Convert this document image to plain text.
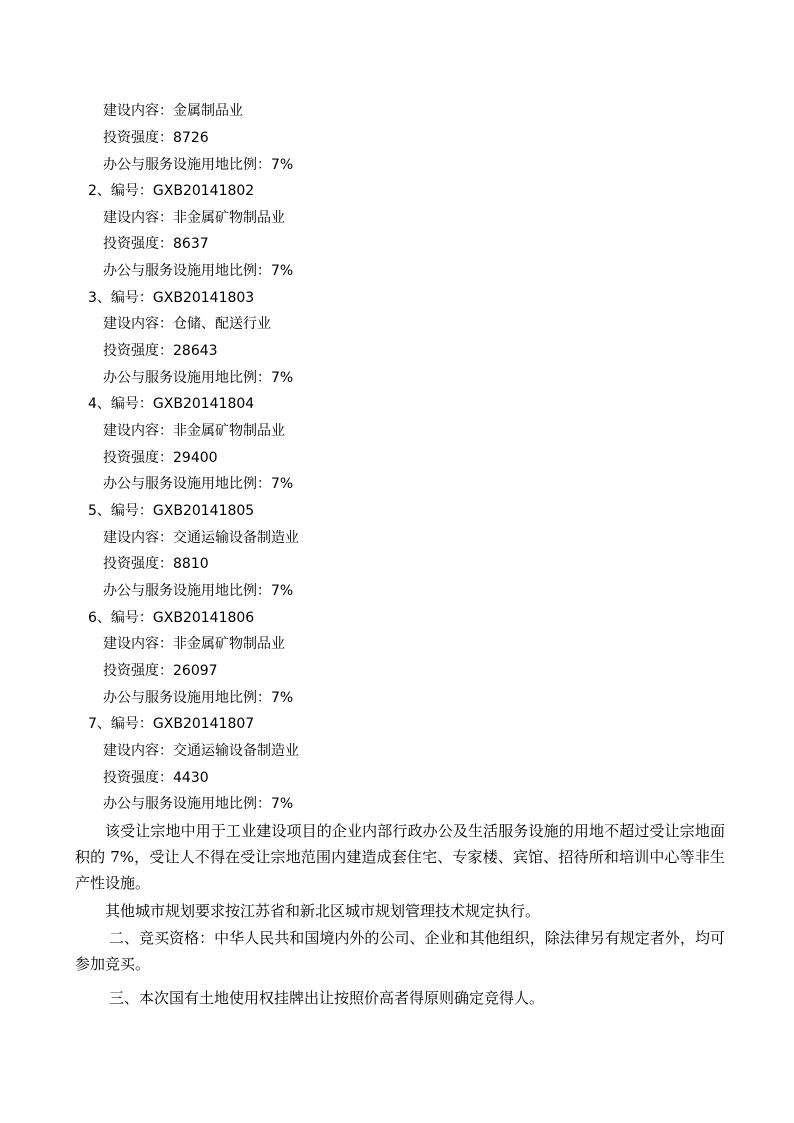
建设内容：金属制品业
投资强度：8726
办公与服务设施用地比例：7%
2、编号：GXB20141802
建设内容：非金属矿物制品业
投资强度：8637
办公与服务设施用地比例：7%
3、编号：GXB20141803
建设内容：仓储、配送行业
投资强度：28643
办公与服务设施用地比例：7%
4、编号：GXB20141804
建设内容：非金属矿物制品业
投资强度：29400
办公与服务设施用地比例：7%
5、编号：GXB20141805
建设内容：交通运输设备制造业
投资强度：8810
办公与服务设施用地比例：7%
6、编号：GXB20141806
建设内容：非金属矿物制品业
投资强度：26097
办公与服务设施用地比例：7%
7、编号：GXB20141807
建设内容：交通运输设备制造业
投资强度：4430
办公与服务设施用地比例：7%
该受让宗地中用于工业建设项目的企业内部行政办公及生活服务设施的用地不超过受让宗地面积的 7%，受让人不得在受让宗地范围内建造成套住宅、专家楼、宾馆、招待所和培训中心等非生产性设施。
其他城市规划要求按江苏省和新北区城市规划管理技术规定执行。
二、竞买资格：中华人民共和国境内外的公司、企业和其他组织，除法律另有规定者外，均可参加竞买。
三、本次国有土地使用权挂牌出让按照价高者得原则确定竞得人。
